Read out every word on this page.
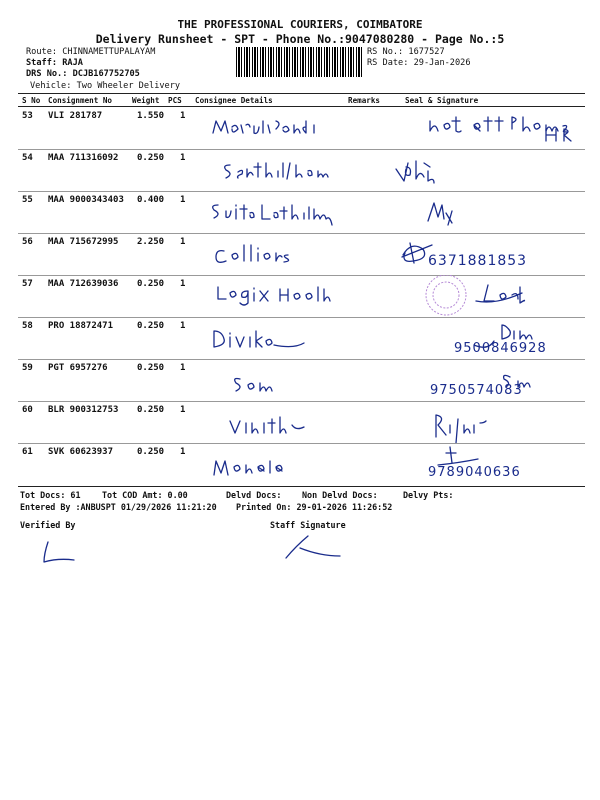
THE PROFESSIONAL COURIERS, COIMBATORE
Delivery Runsheet - SPT - Phone No.:9047080280 - Page No.:5
Route: CHINNAMETTUPALAYAM
Staff: RAJA
DRS No.: DCJB167752705
Vehicle: Two Wheeler Delivery
RS No.: 1677527
RS Date: 29-Jan-2026
S No Consignment No	Weight PCS Consignee Details	Remarks	Seal & Signature
53 VLI 281787	1.550 1
54 MAA 711316092 0.250 1
55 MAA 9000343403 0.400 1
56 MAA 715672995 2.250 1
6371881853
57 MAA 712639036 0.250 1
58 PRO 18872471	0.250 1
9500846928
59 PGT 6957276	0.250 1
9750574083
60 BLR 900312753 0.250 1
61 SVK 60623937	0.250 1
9789040636
Tot Docs: 61	Tot COD Amt: 0.00	Delvd Docs: Non Delvd Docs:	Delvy Pts:
Entered By :ANBUSPT 01/29/2026 11:21:20 Printed On: 29-01-2026 11:26:52
Verified By	Staff Signature
